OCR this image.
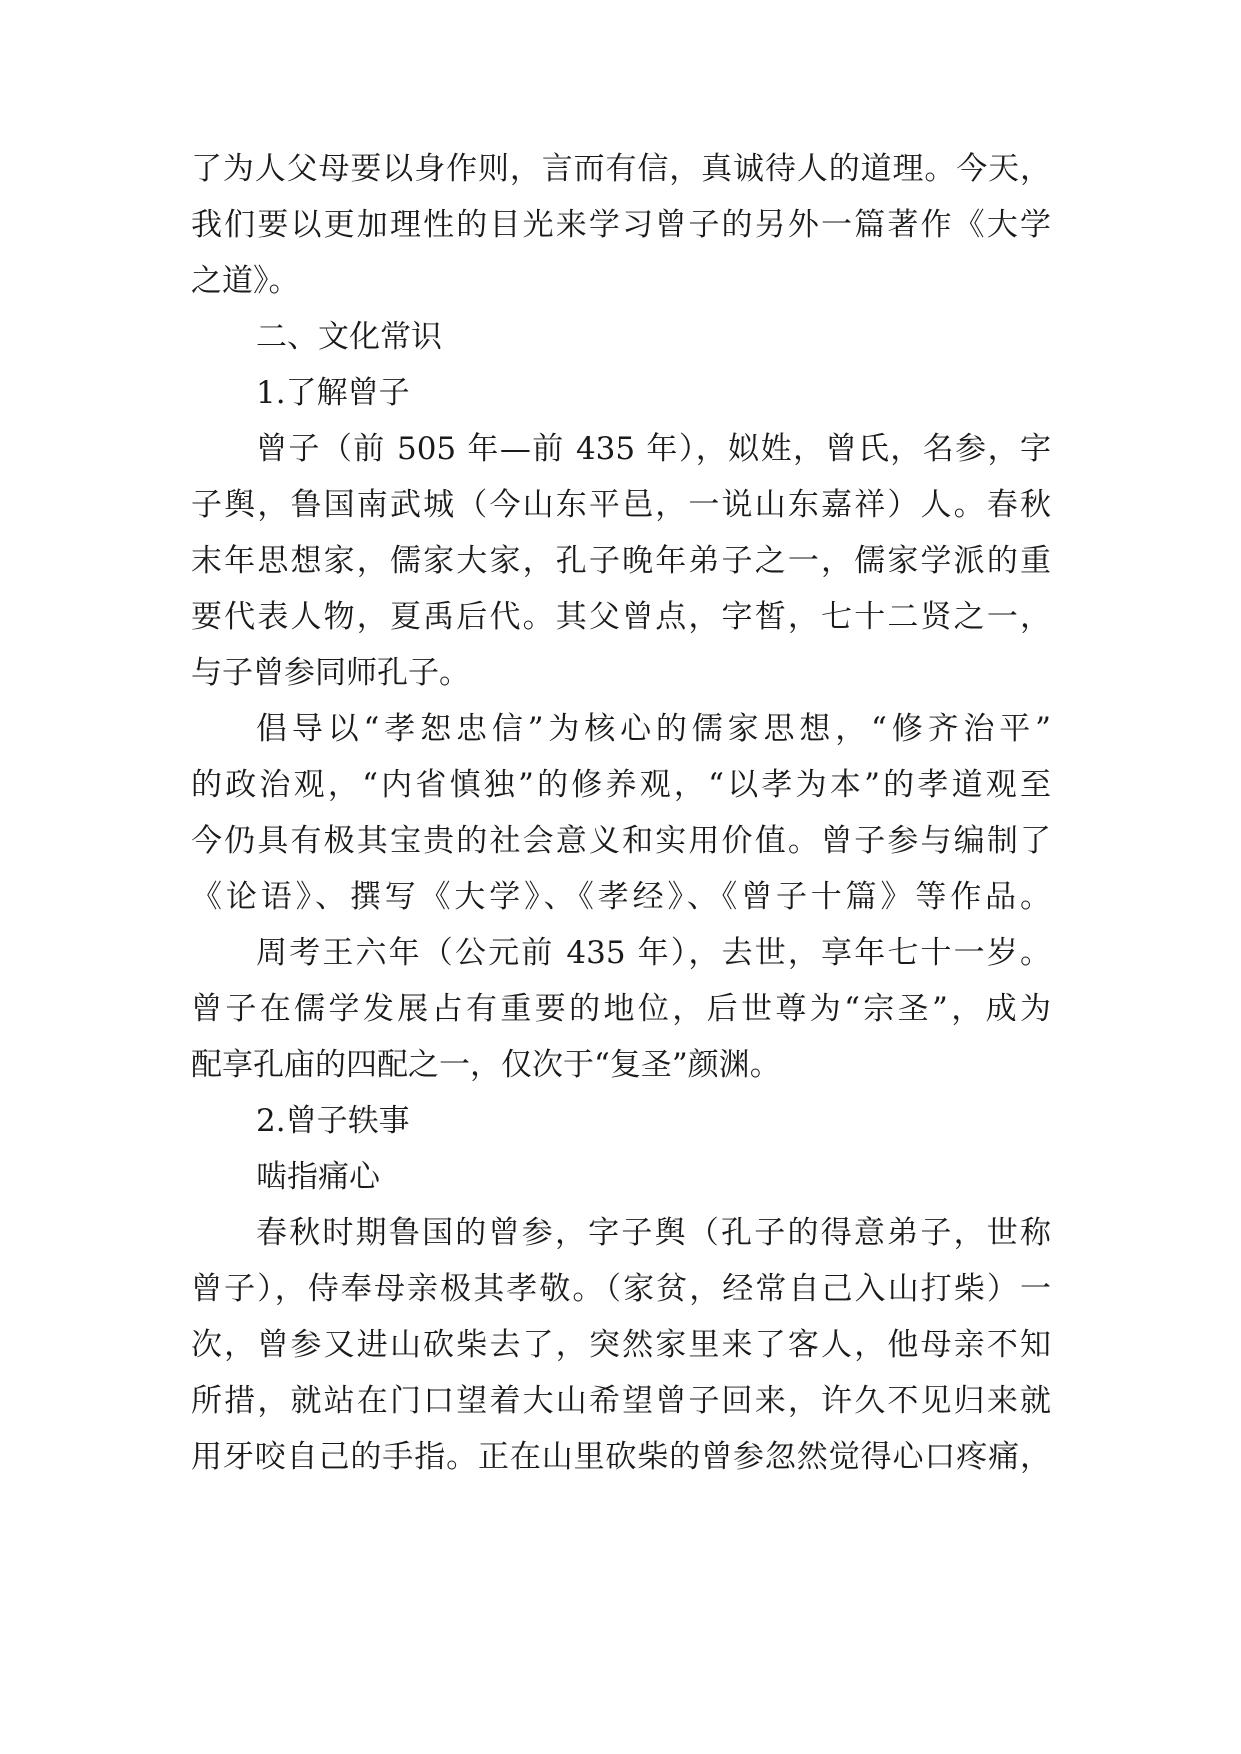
了为人父母要以身作则，言而有信，真诚待人的道理。今天，
我们要以更加理性的目光来学习曾子的另外一篇著作《大学
之道》。
二、文化常识
1.了解曾子
曾子（前 505 年—前 435 年），姒姓，曾氏，名参，字
子舆，鲁国南武城（今山东平邑，一说山东嘉祥）人。春秋
末年思想家，儒家大家，孔子晚年弟子之一，儒家学派的重
要代表人物，夏禹后代。其父曾点，字皙，七十二贤之一，
与子曾参同师孔子。
倡导以“孝恕忠信”为核心的儒家思想，“修齐治平”
的政治观，“内省慎独”的修养观，“以孝为本”的孝道观至
今仍具有极其宝贵的社会意义和实用价值。曾子参与编制了
《论语》、撰写《大学》、《孝经》、《曾子十篇》等作品。
周考王六年（公元前 435 年），去世，享年七十一岁。
曾子在儒学发展占有重要的地位，后世尊为“宗圣”，成为
配享孔庙的四配之一，仅次于“复圣”颜渊。
2.曾子轶事
啮指痛心
春秋时期鲁国的曾参，字子舆（孔子的得意弟子，世称
曾子），侍奉母亲极其孝敬。（家贫，经常自己入山打柴）一
次，曾参又进山砍柴去了，突然家里来了客人，他母亲不知
所措，就站在门口望着大山希望曾子回来，许久不见归来就
用牙咬自己的手指。正在山里砍柴的曾参忽然觉得心口疼痛，
